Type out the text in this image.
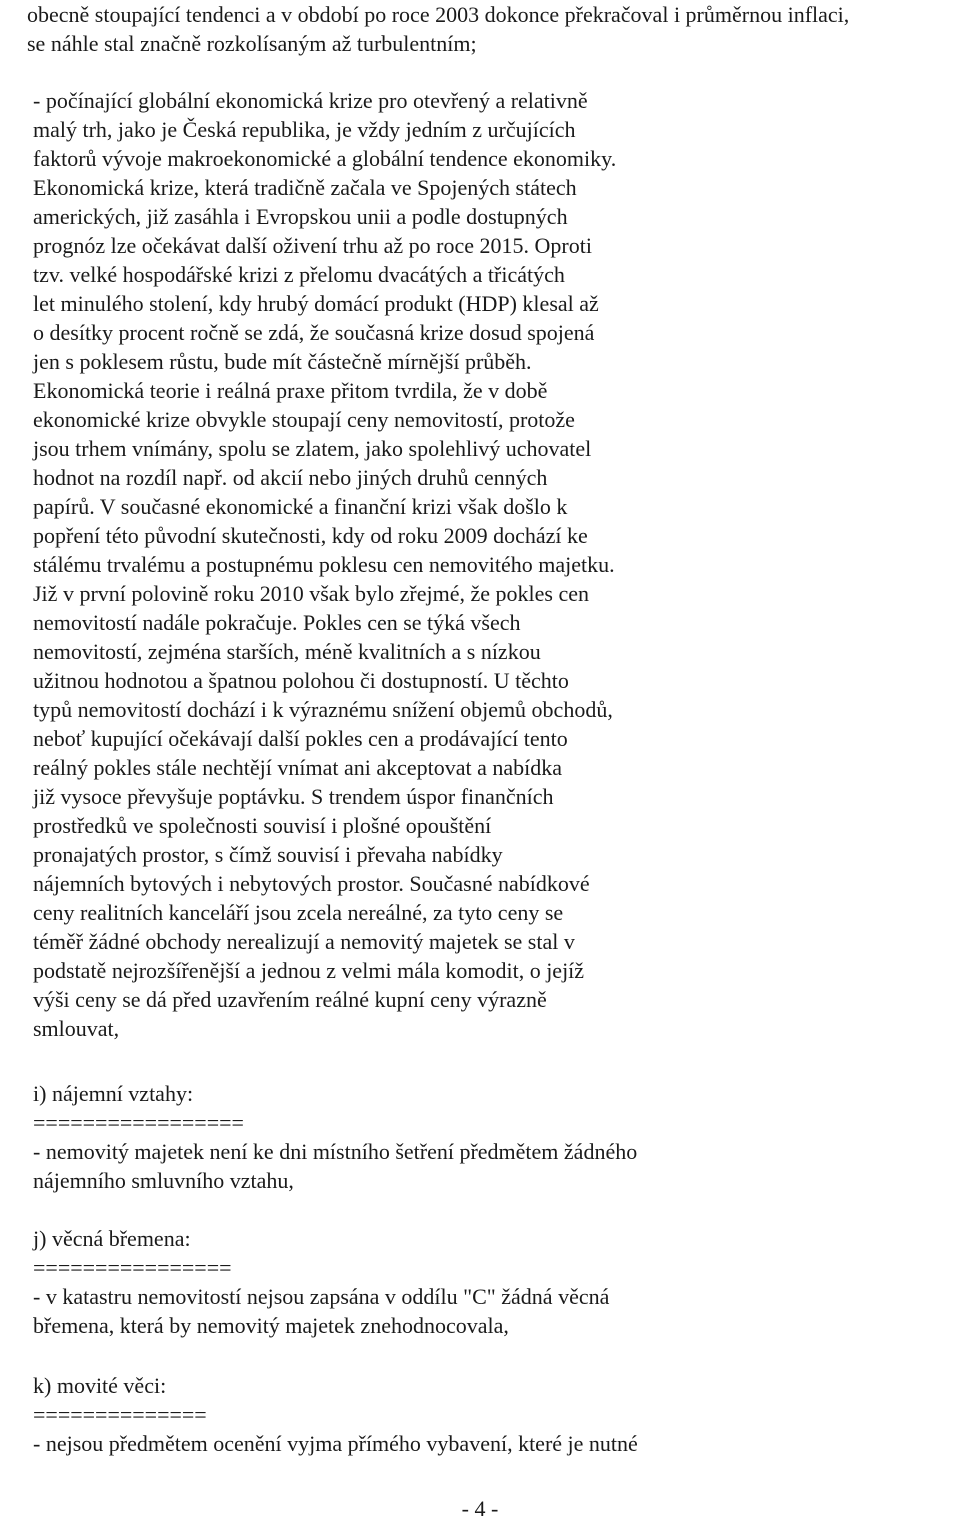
obecně stoupající tendenci a v období po roce 2003 dokonce překračoval i průměrnou inflaci,
se náhle stal značně rozkolísaným až turbulentním;
- počínající globální ekonomická krize pro otevřený a relativně
malý trh, jako je Česká republika, je vždy jedním z určujících
faktorů vývoje makroekonomické a globální tendence ekonomiky.
Ekonomická krize, která tradičně začala ve Spojených státech
amerických, již zasáhla i Evropskou unii a podle dostupných
prognóz lze očekávat další oživení trhu až po roce 2015. Oproti
tzv. velké hospodářské krizi z přelomu dvacátých a třicátých
let minulého stolení, kdy hrubý domácí produkt (HDP) klesal až
o desítky procent ročně se zdá, že současná krize dosud spojená
jen s poklesem růstu, bude mít částečně mírnější průběh.
Ekonomická teorie i reálná praxe přitom tvrdila, že v době
ekonomické krize obvykle stoupají ceny nemovitostí, protože
jsou trhem vnímány, spolu se zlatem, jako spolehlivý uchovatel
hodnot na rozdíl např. od akcií nebo jiných druhů cenných
papírů. V současné ekonomické a finanční krizi však došlo k
popření této původní skutečnosti, kdy od roku 2009 dochází ke
stálému trvalému a postupnému poklesu cen nemovitého majetku.
Již v první polovině roku 2010 však bylo zřejmé, že pokles cen
nemovitostí nadále pokračuje. Pokles cen se týká všech
nemovitostí, zejména starších, méně kvalitních a s nízkou
užitnou hodnotou a špatnou polohou či dostupností. U těchto
typů nemovitostí dochází i k výraznému snížení objemů obchodů,
neboť kupující očekávají další pokles cen a prodávající tento
reálný pokles stále nechtějí vnímat ani akceptovat a nabídka
již vysoce převyšuje poptávku. S trendem úspor finančních
prostředků ve společnosti souvisí i plošné opouštění
pronajatých prostor, s čímž souvisí i převaha nabídky
nájemních bytových i nebytových prostor. Současné nabídkové
ceny realitních kanceláří jsou zcela nereálné, za tyto ceny se
téměř žádné obchody nerealizují a nemovitý majetek se stal v
podstatě nejrozšířenější a jednou z velmi mála komodit, o jejíž
výši ceny se dá před uzavřením reálné kupní ceny výrazně
smlouvat,
i) nájemní vztahy:
=================
- nemovitý majetek není ke dni místního šetření předmětem žádného
nájemního smluvního vztahu,
j) věcná břemena:
================
- v katastru nemovitostí nejsou zapsána v oddílu "C" žádná věcná
břemena, která by nemovitý majetek znehodnocovala,
k) movité věci:
==============
- nejsou předmětem ocenění vyjma přímého vybavení, které je nutné
- 4 -
